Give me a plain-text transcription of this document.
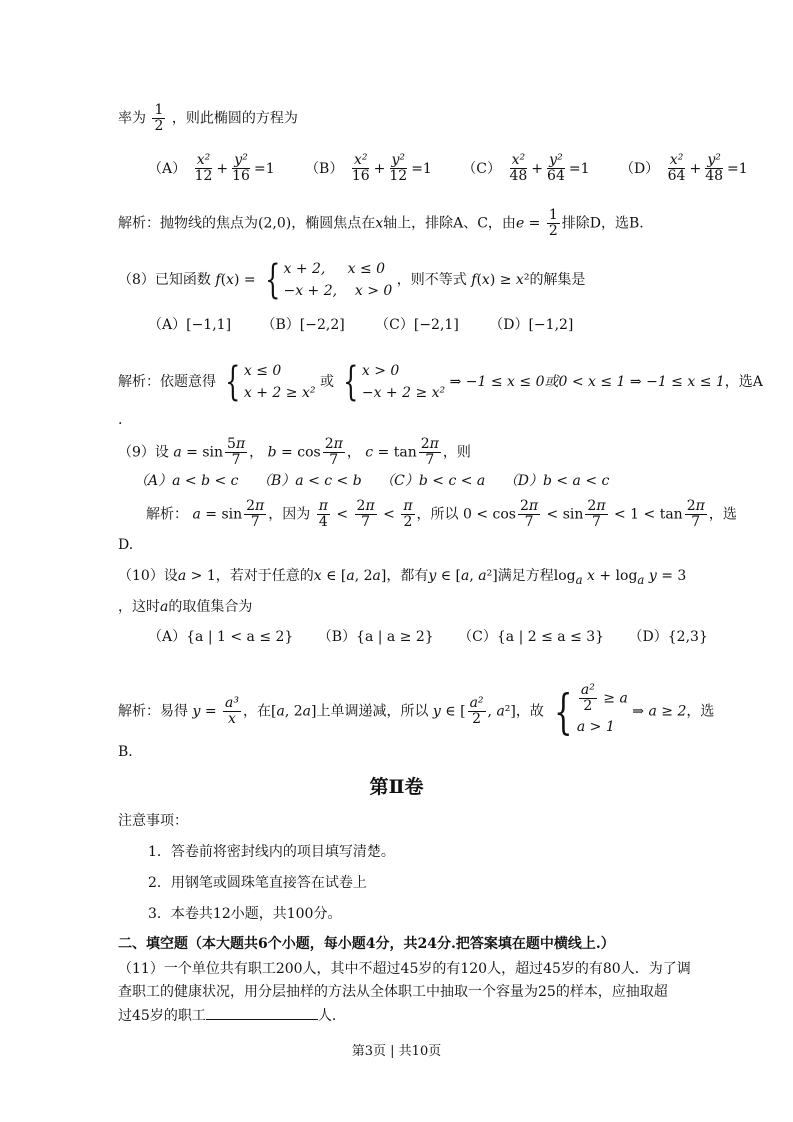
率为 $\frac{1}{2}$ ，则此椭圆的方程为
$(A) \frac{\text{x²}}{12} + \frac{\text{y²}}{16} =1$ $(B) \frac{\text{x²}}{16} + \frac{\text{y²}}{12} =1$ $(C) \frac{\text{x²}}{48} + \frac{\text{y²}}{64} =1$ $(D) \frac{\text{x²}}{64} + \frac{\text{y²}}{48} =1$
解析：抛物线的焦点为(2,0)，椭圆焦点在x轴上，排除A、C，由$e = \frac{1}{2}$ 排除D，选B.
（8）已知函数 f(x) = { x + 2,     x ≤ 0
−x + 2,    x > 0
，则不等式 f(x) ≥ x²的解集是
（A）[−1,1] （B）[−2,2] （C）[−2,1] （D）[−1,2]
解析：依题意得 { x ≤ 0
x + 2 ≥ x²
或 { x > 0
−x + 2 ≥ x²
⇒ −1 ≤ x ≤ 0或0 < x ≤ 1 ⇒ −1 ≤ x ≤ 1，选A
.
（9）设 $a = \sin \frac{5\pi}{7}$ ， $b = \cos \frac{2\pi}{7}$ ， $c = \tan \frac{2\pi}{7}$ ，则
（A）a < b < c （B）a < c < b （C）b < c < a （D）b < a < c
解析： $a = \sin \frac{2\pi}{7}$ ，因为 $\frac{\pi}{4} < \frac{2\pi}{7} < \frac{\pi}{2}$ ，所以 $0 < \cos \frac{2\pi}{7} < \sin \frac{2\pi}{7} < 1 < \tan \frac{2\pi}{7}$ ，选
D.
（10）设a > 1，若对于任意的x ∈ [a, 2a]，都有y ∈ [a, a²]满足方程$\log_a x + \log_a y = 3$
，这时a的取值集合为
（A）{a | 1 < a ≤ 2} （B）{a | a ≥ 2} （C）{a | 2 ≤ a ≤ 3} （D）{2,3}
解析：易得 $y = \frac{\text{a³}}{x}$ ，在[a, 2a]上单调递减，所以 y ∈ [ $\frac{\text{a²}}{2}$ , a²]，故 { $\frac{\text{a²}}{2} \ge a$
a > 1
⇒ a ≥ 2，选
B.
第Ⅱ卷
注意事项：
1．答卷前将密封线内的项目填写清楚。
2．用钢笔或圆珠笔直接答在试卷上
3．本卷共12小题，共100分。
二、填空题（本大题共6个小题，每小题4分，共24分.把答案填在题中横线上.）
（11）一个单位共有职工200人，其中不超过45岁的有120人，超过45岁的有80人．为了调
查职工的健康状况，用分层抽样的方法从全体职工中抽取一个容量为25的样本，应抽取超
过45岁的职工	人.
第3页 | 共10页
